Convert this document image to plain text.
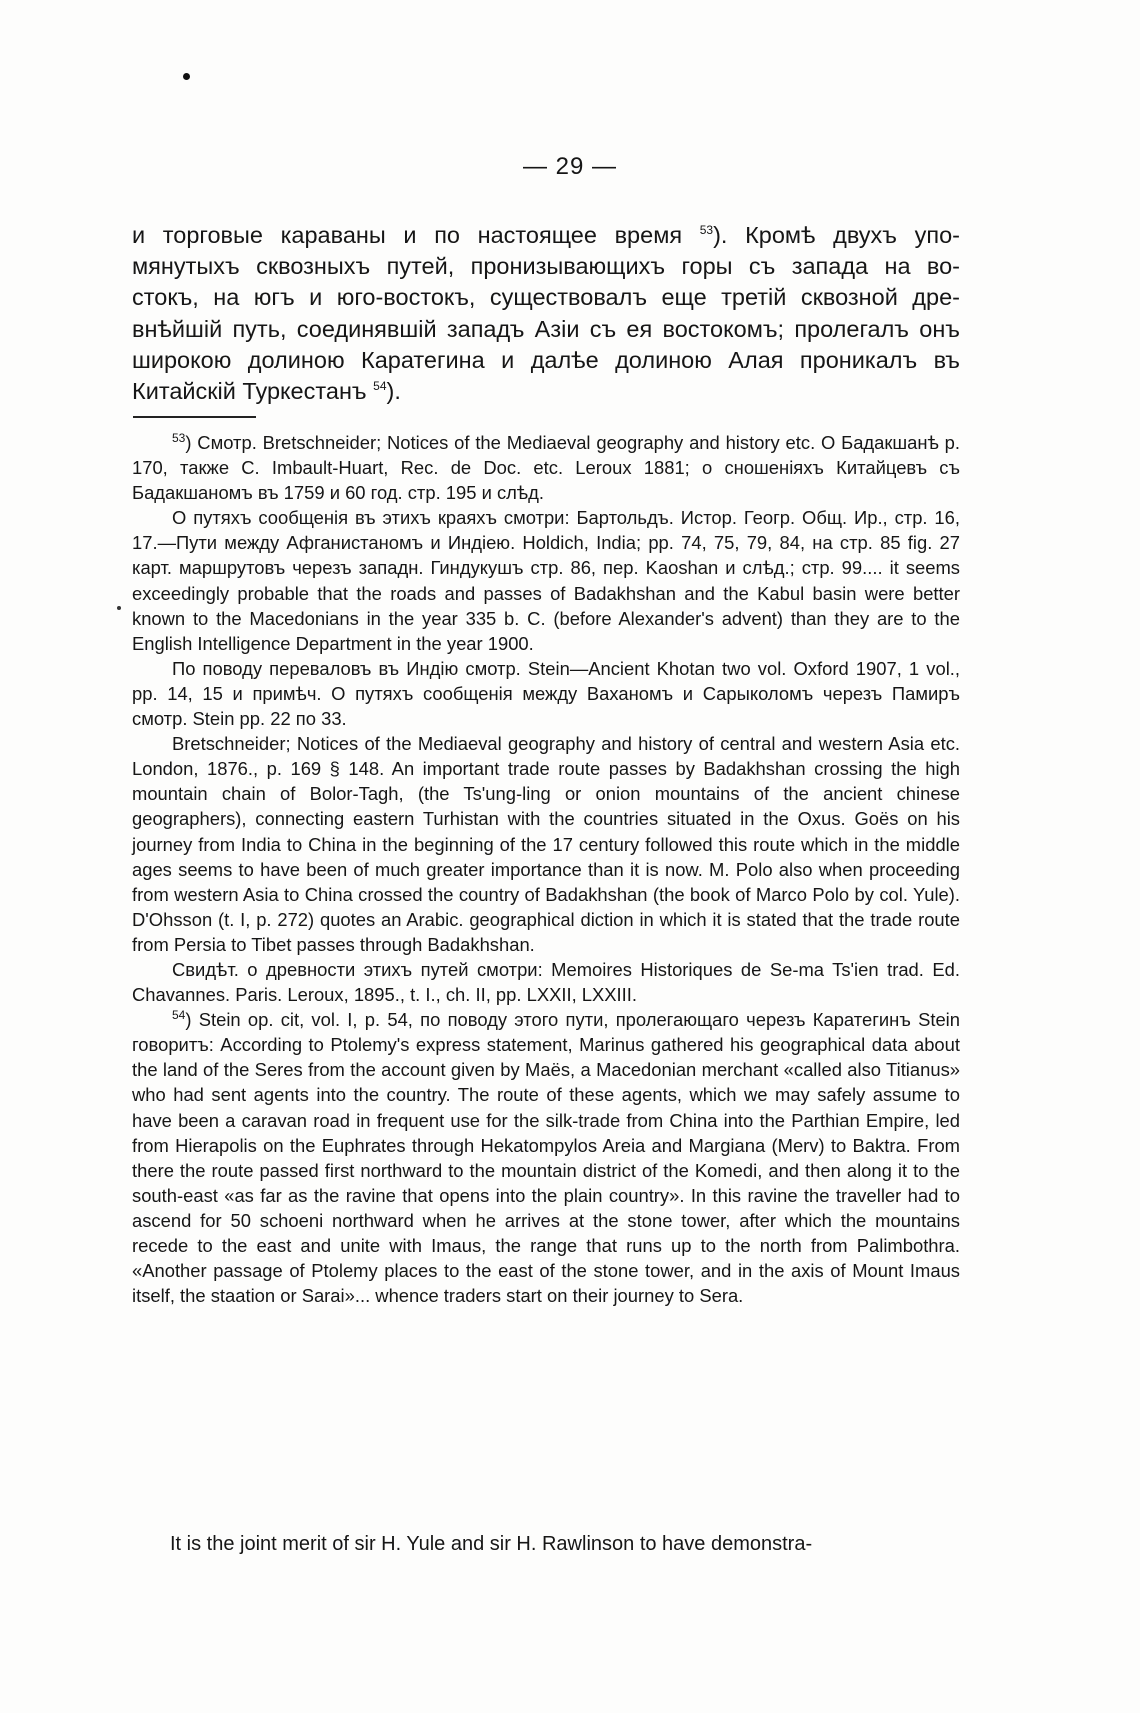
— 29 —
и торговые караваны и по настоящее время $^{53}$). Кромѣ двухъ упо-
мянутыхъ сквозныхъ путей, пронизывающихъ горы съ запада на во-
стокъ, на югъ и юго-востокъ, существовалъ еще третій сквозной дре-
внѣйшій путь, соединявшій западъ Азіи съ ея востокомъ; пролегалъ онъ
широкою долиною Каратегина и далѣе долиною Алая проникалъ въ
Китайскій Туркестанъ $^{54}$).

$^{53}$) Смотр. Bretschneider; Notices of the Mediaeval geography and history etc. О Бадакшанѣ p. 170, также C. Imbault-Huart, Rec. de Doc. etc. Leroux 1881; о сношеніяхъ Китайцевъ съ Бадакшаномъ въ 1759 и 60 год. стр. 195 и слѣд.

О путяхъ сообщенія въ этихъ краяхъ смотри: Бартольдъ. Истор. Геогр. Общ. Ир., стр. 16, 17.—Пути между Афганистаномъ и Индіею. Holdich, India; pp. 74, 75, 79, 84, на стр. 85 fig. 27 карт. маршрутовъ черезъ западн. Гиндукушъ стр. 86, пер. Kaoshan и слѣд.; стр. 99.... it seems exceedingly probable that the roads and passes of Badakhshan and the Kabul basin were better known to the Macedonians in the year 335 b. C. (before Alexander's advent) than they are to the English Intelligence Department in the year 1900.

По поводу переваловъ въ Индію смотр. Stein—Ancient Khotan two vol. Oxford 1907, 1 vol., pp. 14, 15 и примѣч. О путяхъ сообщенія между Ваханомъ и Сарыколомъ черезъ Памиръ смотр. Stein pp. 22 по 33.

Bretschneider; Notices of the Mediaeval geography and history of central and western Asia etc. London, 1876., p. 169 § 148. An important trade route passes by Badakhshan crossing the high mountain chain of Bolor-Tagh, (the Ts'ung-ling or onion mountains of the ancient chinese geographers), connecting eastern Turhistan with the countries situated in the Oxus. Goës on his journey from India to China in the beginning of the 17 century followed this route which in the middle ages seems to have been of much greater importance than it is now. M. Polo also when proceeding from western Asia to China crossed the country of Badakhshan (the book of Marco Polo by col. Yule). D'Ohsson (t. I, p. 272) quotes an Arabic. geographical diction in which it is stated that the trade route from Persia to Tibet passes through Badakhshan.

Свидѣт. о древности этихъ путей смотри: Memoires Historiques de Se-ma Ts'ien trad. Ed. Chavannes. Paris. Leroux, 1895., t. I., ch. II, pp. LXXII, LXXIII.

$^{54}$) Stein op. cit, vol. I, p. 54, по поводу этого пути, пролегающаго черезъ Каратегинъ Stein говоритъ: According to Ptolemy's express statement, Marinus gathered his geographical data about the land of the Seres from the account given by Maës, a Macedonian merchant «called also Titianus» who had sent agents into the country. The route of these agents, which we may safely assume to have been a caravan road in frequent use for the silk-trade from China into the Parthian Empire, led from Hierapolis on the Euphrates through Hekatompylos Areia and Margiana (Merv) to Baktra. From there the route passed first northward to the mountain district of the Komedi, and then along it to the south-east «as far as the ravine that opens into the plain country». In this ravine the traveller had to ascend for 50 schoeni northward when he arrives at the stone tower, after which the mountains recede to the east and unite with Imaus, the range that runs up to the north from Palimbothra. «Another passage of Ptolemy places to the east of the stone tower, and in the axis of Mount Imaus itself, the staation or Sarai»... whence traders start on their journey to Sera.

It is the joint merit of sir H. Yule and sir H. Rawlinson to have demonstra-
